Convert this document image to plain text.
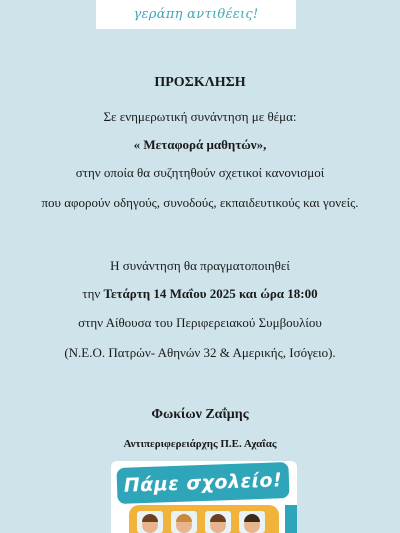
γεράπη αντιθέεις!
ΠΡΟΣΚΛΗΣΗ
Σε ενημερωτική συνάντηση με θέμα:
« Μεταφορά μαθητών»,
στην οποία θα συζητηθούν σχετικοί κανονισμοί
που αφορούν οδηγούς, συνοδούς, εκπαιδευτικούς και γονείς.
Η συνάντηση θα πραγματοποιηθεί
την Τετάρτη 14 Μαΐου 2025 και ώρα 18:00
στην Αίθουσα του Περιφερειακού Συμβουλίου
(Ν.Ε.Ο. Πατρών- Αθηνών 32 & Αμερικής, Ισόγειο).
Φωκίων Ζαΐμης
Αντιπεριφερειάρχης Π.Ε. Αχαΐας
Πάμε σχολείο!
